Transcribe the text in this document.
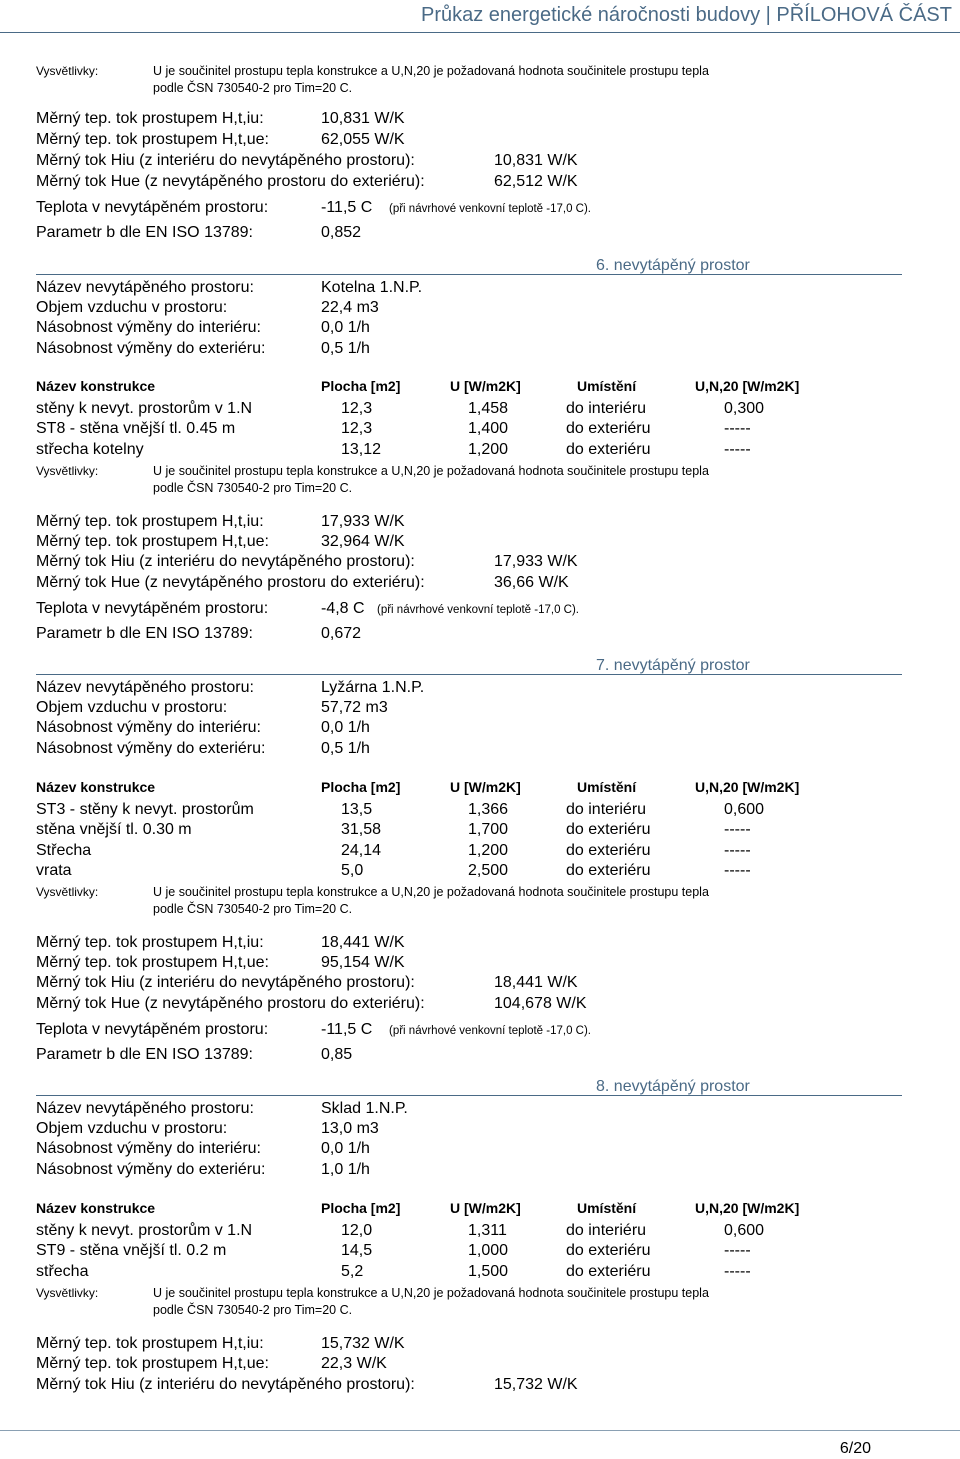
Průkaz energetické náročnosti budovy | PŘÍLOHOVÁ ČÁST
Vysvětlivky:	U je součinitel prostupu tepla konstrukce a U,N,20 je požadovaná hodnota součinitele prostupu tepla
podle ČSN 730540-2 pro Tim=20 C.
Měrný tep. tok prostupem H,t,iu:	10,831 W/K
Měrný tep. tok prostupem H,t,ue:	62,055 W/K
Měrný tok Hiu (z interiéru do nevytápěného prostoru):	10,831 W/K
Měrný tok Hue (z nevytápěného prostoru do exteriéru):	62,512 W/K
Teplota v nevytápěném prostoru:	-11,5 C (při návrhové venkovní teplotě -17,0 C).
Parametr b dle EN ISO 13789:	0,852
6. nevytápěný prostor
Název nevytápěného prostoru:	Kotelna 1.N.P.
Objem vzduchu v prostoru:	22,4 m3
Násobnost výměny do interiéru:	0,0 1/h
Násobnost výměny do exteriéru:	0,5 1/h
Název konstrukce	Plocha [m2]	U [W/m2K]	Umístění	U,N,20 [W/m2K]
stěny k nevyt. prostorům v 1.N	12,3	1,458	do interiéru	0,300
ST8 - stěna vnější tl. 0.45 m	12,3	1,400	do exteriéru	-----
střecha kotelny	13,12	1,200	do exteriéru	-----
Vysvětlivky:	U je součinitel prostupu tepla konstrukce a U,N,20 je požadovaná hodnota součinitele prostupu tepla
podle ČSN 730540-2 pro Tim=20 C.
Měrný tep. tok prostupem H,t,iu:	17,933 W/K
Měrný tep. tok prostupem H,t,ue:	32,964 W/K
Měrný tok Hiu (z interiéru do nevytápěného prostoru):	17,933 W/K
Měrný tok Hue (z nevytápěného prostoru do exteriéru):	36,66 W/K
Teplota v nevytápěném prostoru:	-4,8 C (při návrhové venkovní teplotě -17,0 C).
Parametr b dle EN ISO 13789:	0,672
7. nevytápěný prostor
Název nevytápěného prostoru:	Lyžárna 1.N.P.
Objem vzduchu v prostoru:	57,72 m3
Násobnost výměny do interiéru:	0,0 1/h
Násobnost výměny do exteriéru:	0,5 1/h
Název konstrukce	Plocha [m2]	U [W/m2K]	Umístění	U,N,20 [W/m2K]
ST3 - stěny k nevyt. prostorům	13,5	1,366	do interiéru	0,600
stěna vnější tl. 0.30 m	31,58	1,700	do exteriéru	-----
Střecha	24,14	1,200	do exteriéru	-----
vrata	5,0	2,500	do exteriéru	-----
Vysvětlivky:	U je součinitel prostupu tepla konstrukce a U,N,20 je požadovaná hodnota součinitele prostupu tepla
podle ČSN 730540-2 pro Tim=20 C.
Měrný tep. tok prostupem H,t,iu:	18,441 W/K
Měrný tep. tok prostupem H,t,ue:	95,154 W/K
Měrný tok Hiu (z interiéru do nevytápěného prostoru):	18,441 W/K
Měrný tok Hue (z nevytápěného prostoru do exteriéru):	104,678 W/K
Teplota v nevytápěném prostoru:	-11,5 C (při návrhové venkovní teplotě -17,0 C).
Parametr b dle EN ISO 13789:	0,85
8. nevytápěný prostor
Název nevytápěného prostoru:	Sklad 1.N.P.
Objem vzduchu v prostoru:	13,0 m3
Násobnost výměny do interiéru:	0,0 1/h
Násobnost výměny do exteriéru:	1,0 1/h
Název konstrukce	Plocha [m2]	U [W/m2K]	Umístění	U,N,20 [W/m2K]
stěny k nevyt. prostorům v 1.N	12,0	1,311	do interiéru	0,600
ST9 - stěna vnější tl. 0.2 m	14,5	1,000	do exteriéru	-----
střecha	5,2	1,500	do exteriéru	-----
Vysvětlivky:	U je součinitel prostupu tepla konstrukce a U,N,20 je požadovaná hodnota součinitele prostupu tepla
podle ČSN 730540-2 pro Tim=20 C.
Měrný tep. tok prostupem H,t,iu:	15,732 W/K
Měrný tep. tok prostupem H,t,ue:	22,3 W/K
Měrný tok Hiu (z interiéru do nevytápěného prostoru):	15,732 W/K
6/20
